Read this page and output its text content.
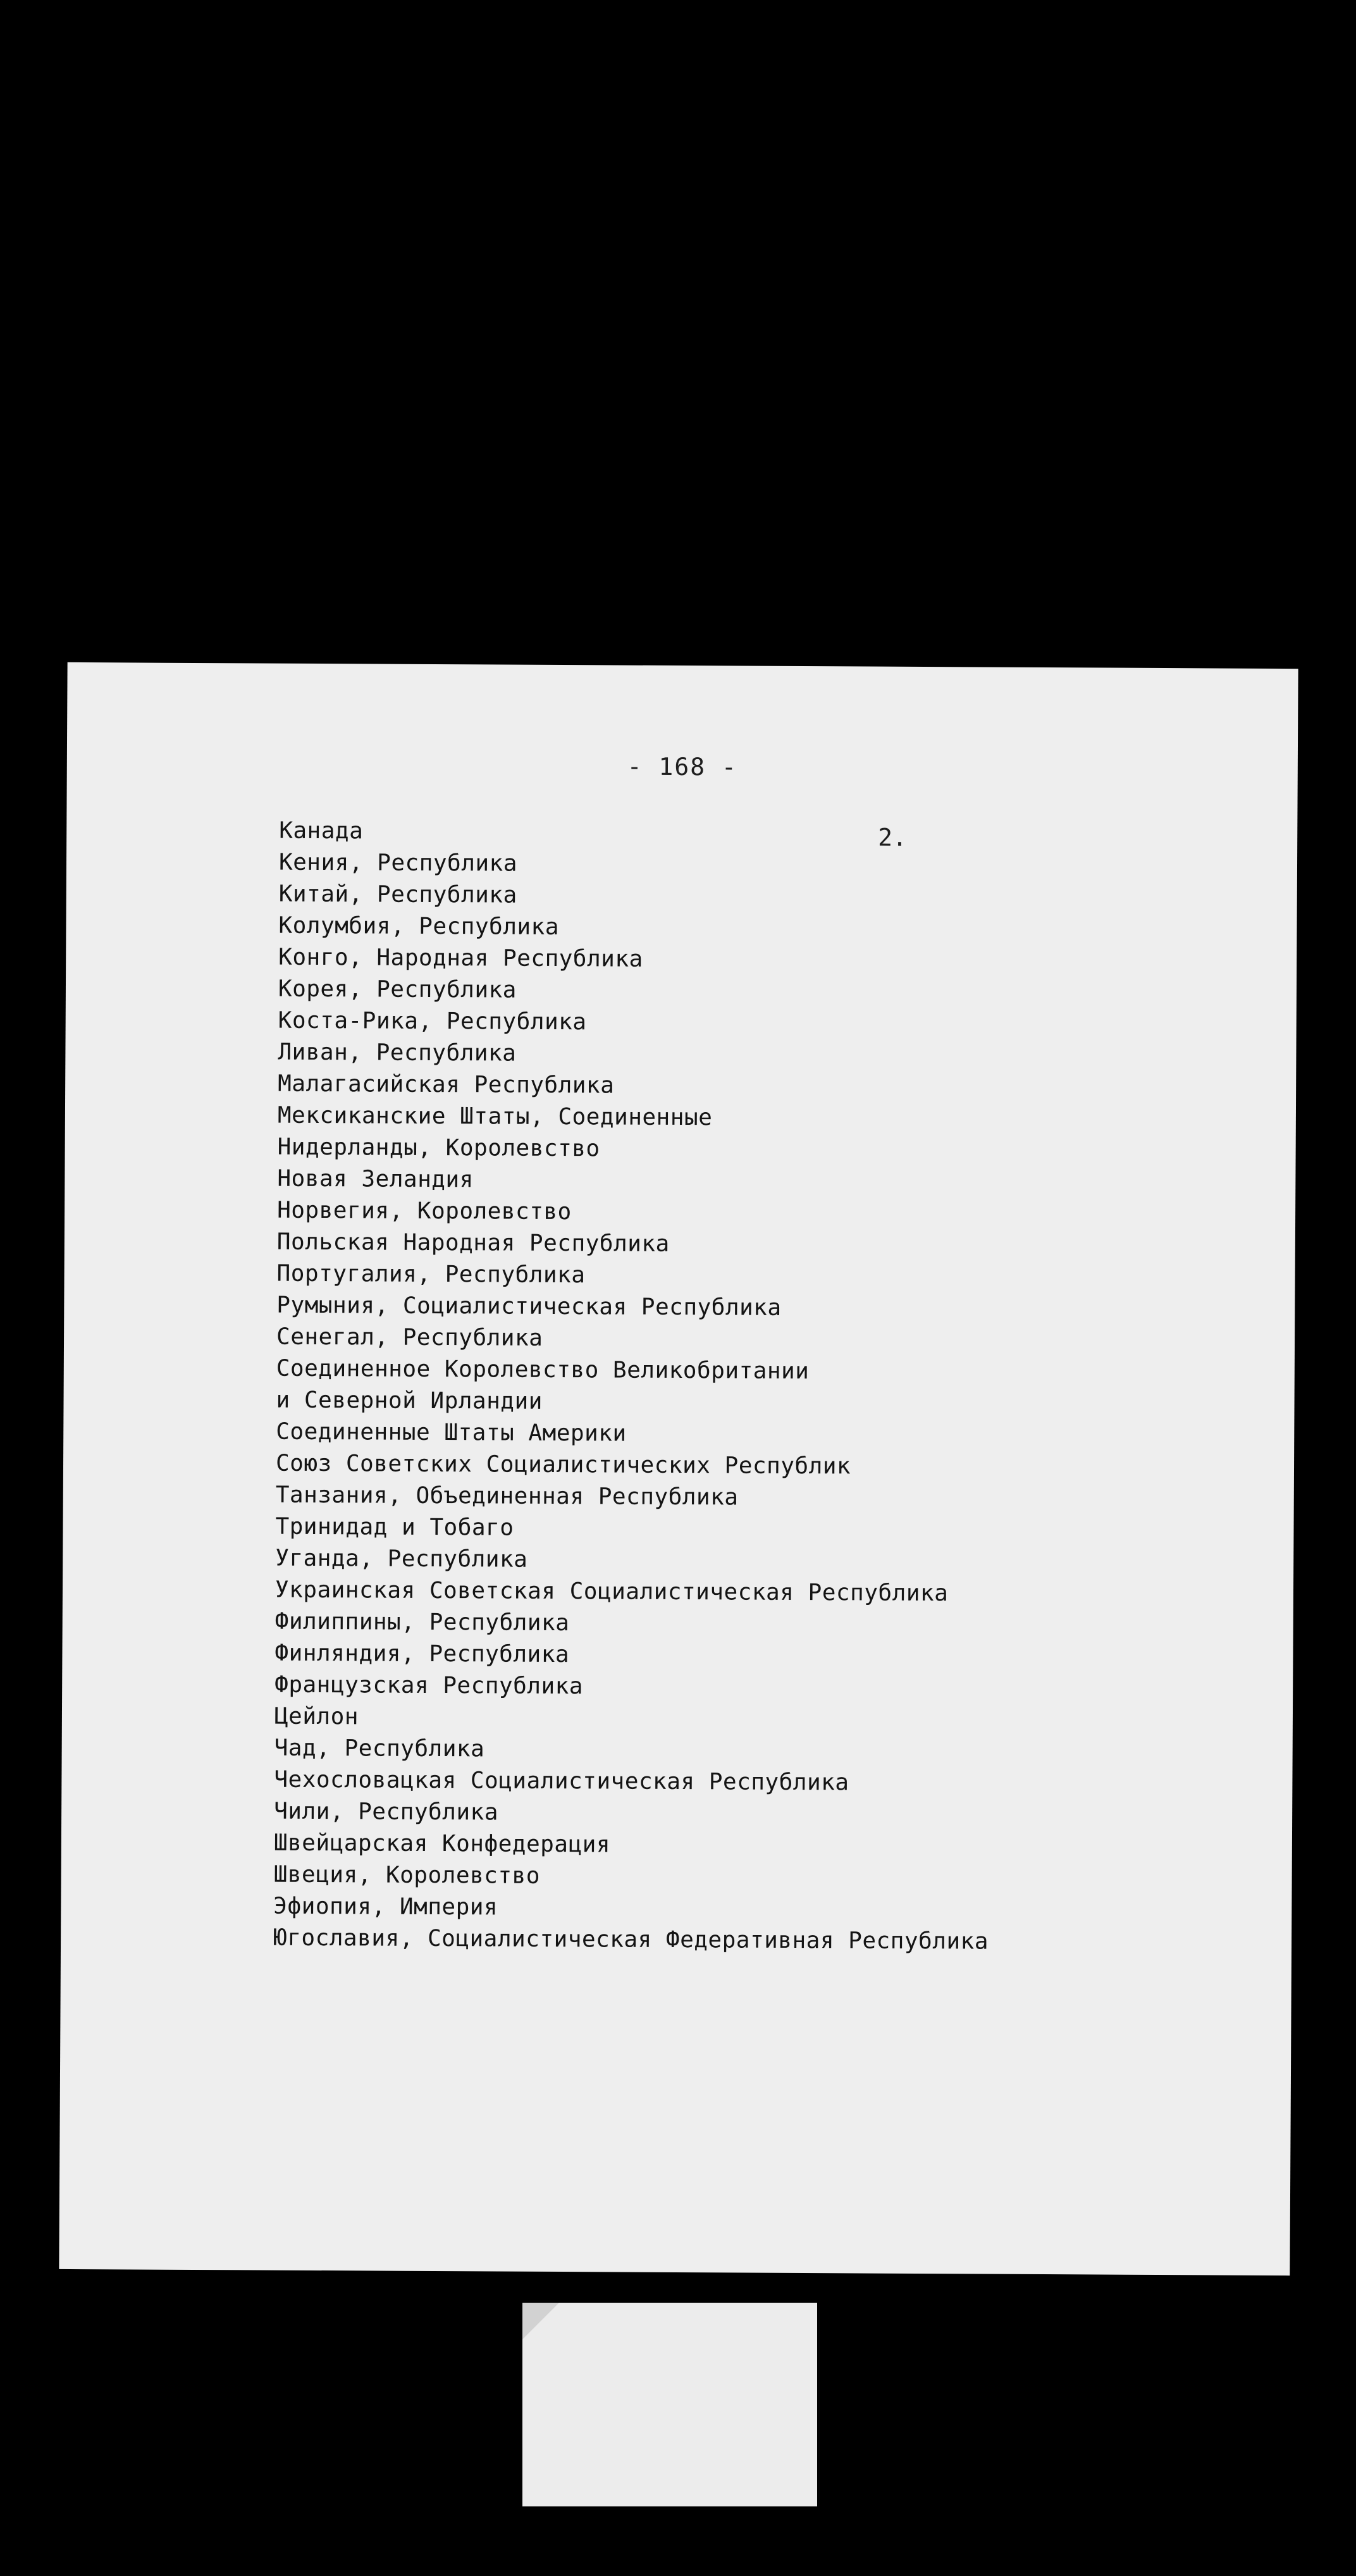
- 168 -
2.
Канада
Кения, Республика
Китай, Республика
Колумбия, Республика
Конго, Народная Республика
Корея, Республика
Коста-Рика, Республика
Ливан, Республика
Малагасийская Республика
Мексиканские Штаты, Соединенные
Нидерланды, Королевство
Новая Зеландия
Норвегия, Королевство
Польская Народная Республика
Португалия, Республика
Румыния, Социалистическая Республика
Сенегал, Республика
Соединенное Королевство Великобритании
и Северной Ирландии
Соединенные Штаты Америки
Союз Советских Социалистических Республик
Танзания, Объединенная Республика
Тринидад и Тобаго
Уганда, Республика
Украинская Советская Социалистическая Республика
Филиппины, Республика
Финляндия, Республика
Французская Республика
Цейлон
Чад, Республика
Чехословацкая Социалистическая Республика
Чили, Республика
Швейцарская Конфедерация
Швеция, Королевство
Эфиопия, Империя
Югославия, Социалистическая Федеративная Республика
